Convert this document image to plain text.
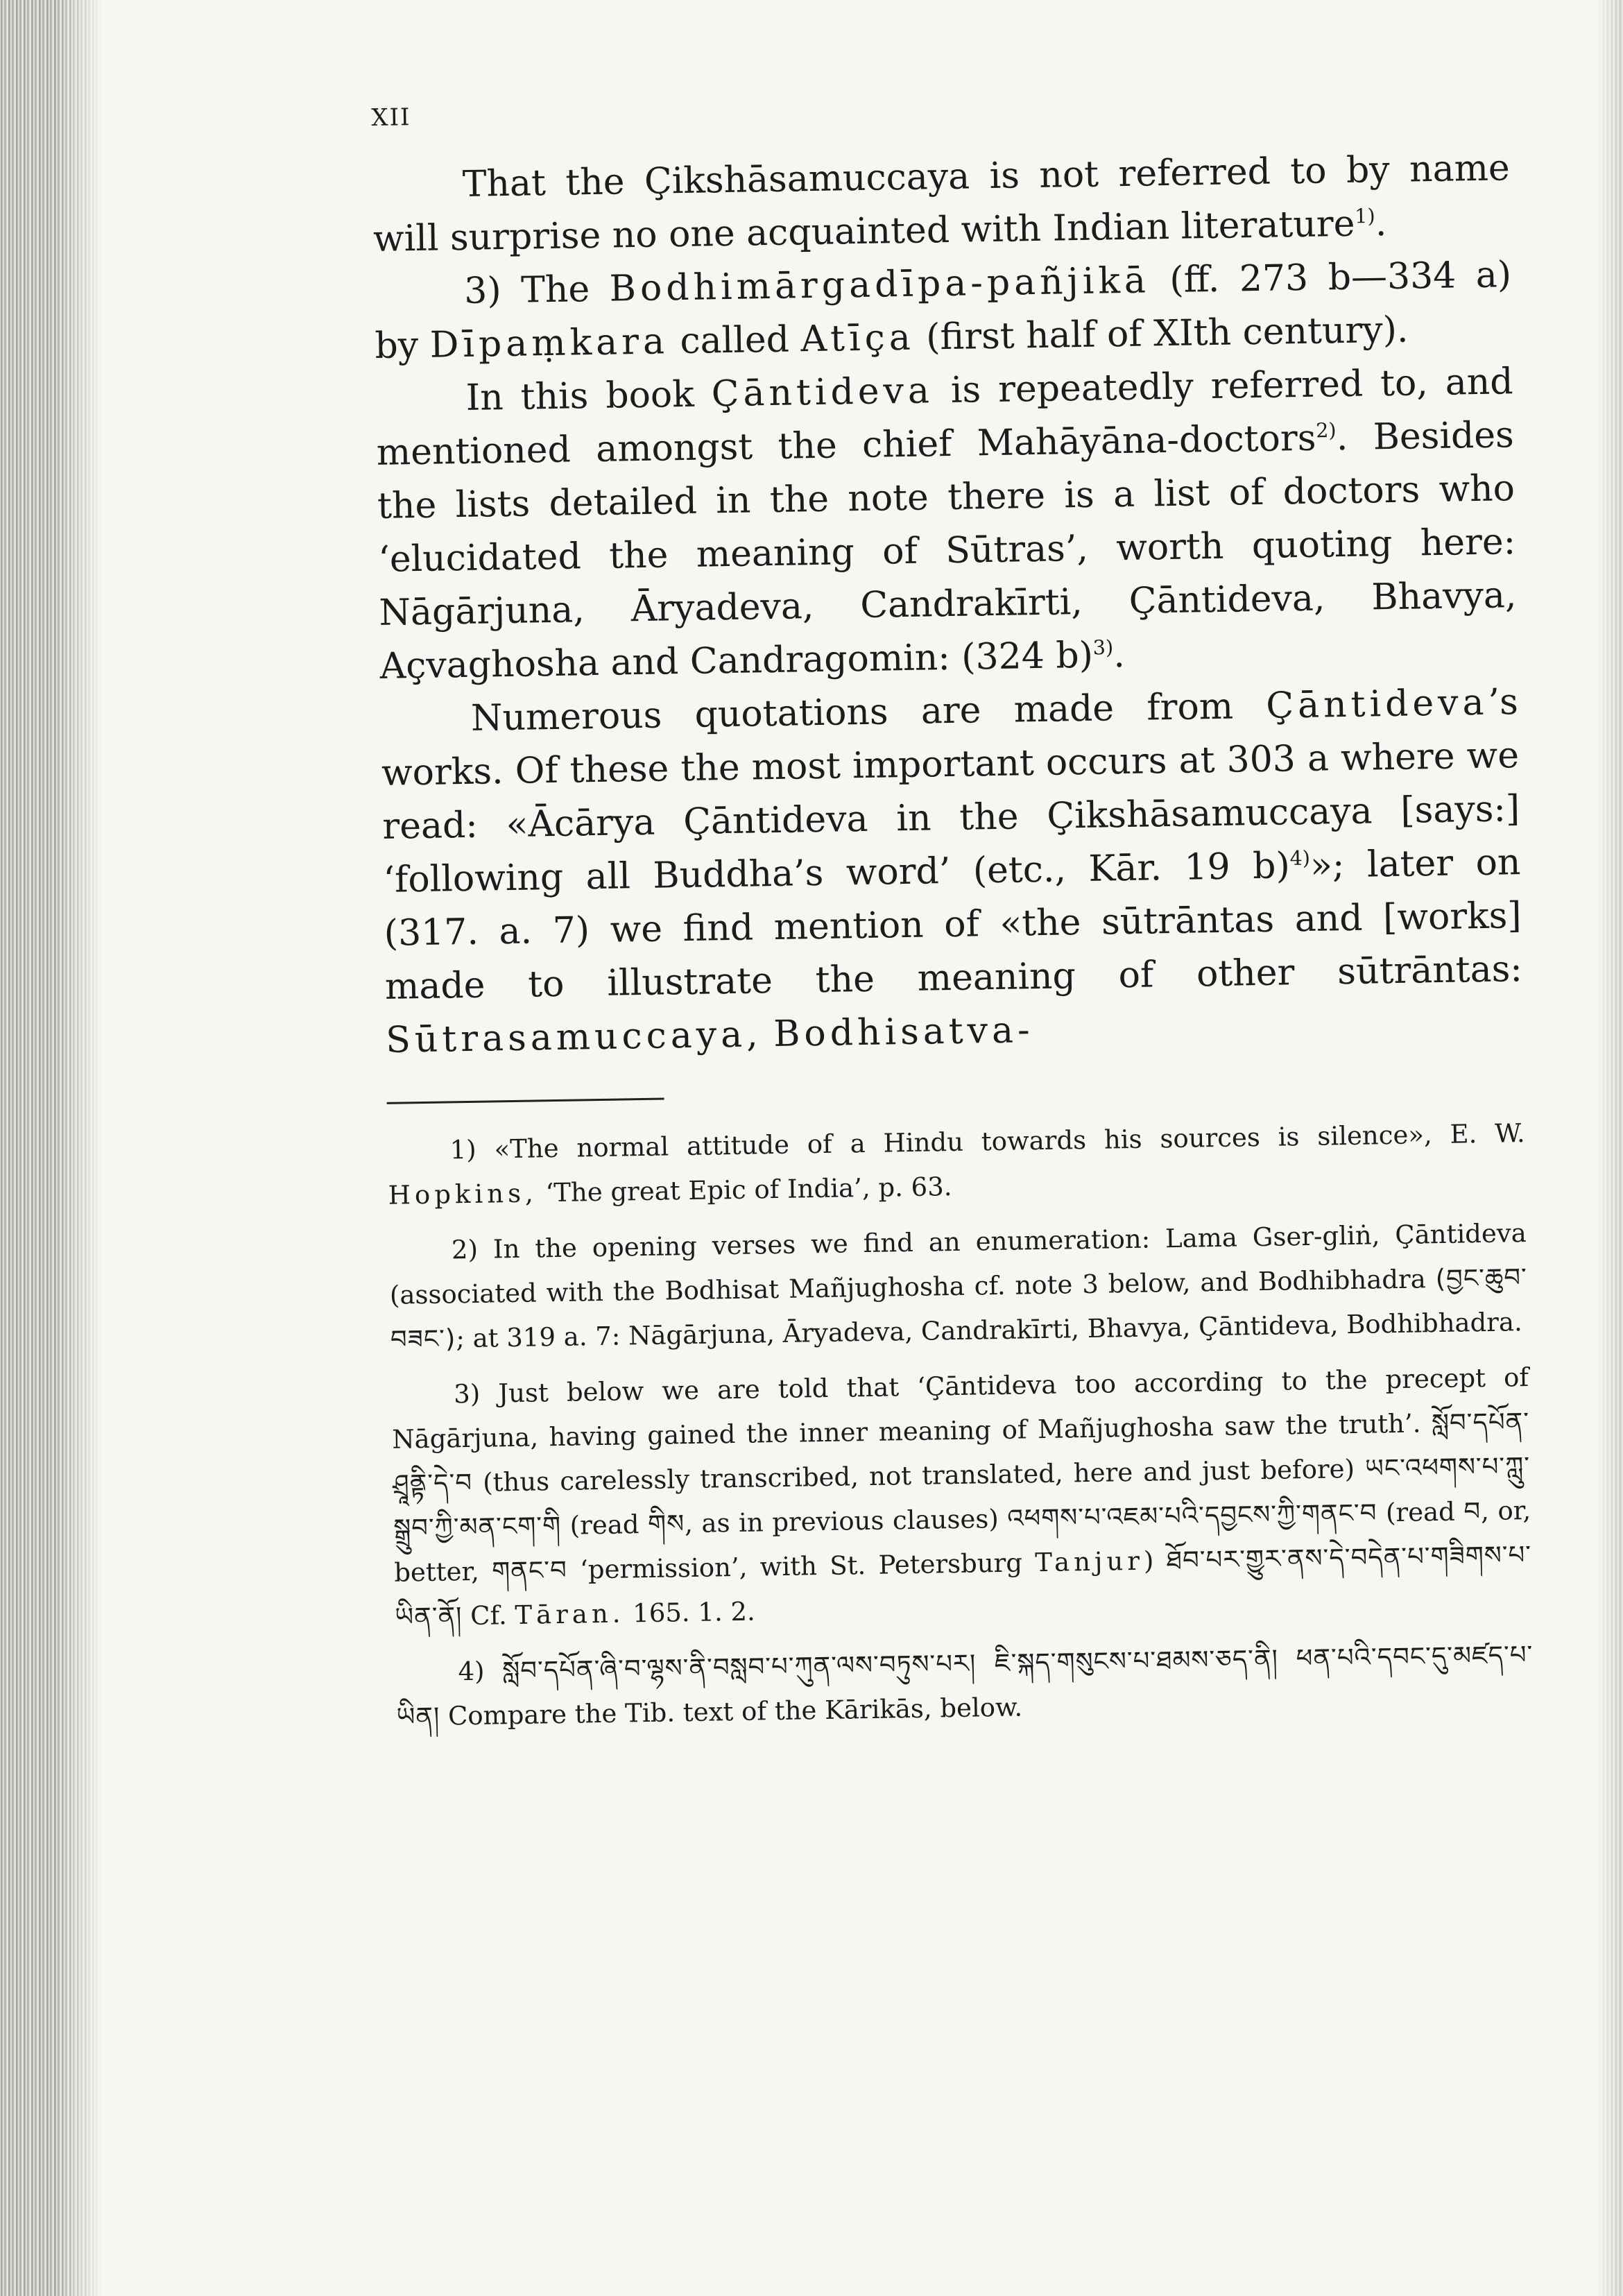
XII

That the Çikshāsamuccaya is not referred to by name will surprise no one acquainted with Indian literature$^{1)}$.

3) The Bodhimārgadīpa-pañjikā (ff. 273 b—334 a) by Dīpaṃkara called Atīça (first half of XIth century).

In this book Çāntideva is repeatedly referred to, and mentioned amongst the chief Mahāyāna-doctors$^{2)}$. Besides the lists detailed in the note there is a list of doctors who ‘elucidated the meaning of Sūtras’, worth quoting here: Nāgārjuna, Āryadeva, Candrakīrti, Çāntideva, Bhavya, Açvaghosha and Candragomin: (324 b)$^{3)}$.

Numerous quotations are made from Çāntideva’s works. Of these the most important occurs at 303 a where we read: «Ācārya Çāntideva in the Çikshāsamuccaya [says:] ‘following all Buddha’s word’ (etc., Kār. 19 b)$^{4)}$»; later on (317. a. 7) we find mention of «the sūtrāntas and [works] made to illustrate the meaning of other sūtrāntas: Sūtrasamuccaya, Bodhisatva-

1) «The normal attitude of a Hindu towards his sources is silence», E. W. Hopkins, ‘The great Epic of India’, p. 63.

2) In the opening verses we find an enumeration: Lama Gser-gliṅ, Çāntideva (associated with the Bodhisat Mañjughosha cf. note 3 below, and Bodhibhadra (བྱང་ཆུབ་བཟང་); at 319 a. 7: Nāgārjuna, Āryadeva, Candrakīrti, Bhavya, Çāntideva, Bodhibhadra.

3) Just below we are told that ‘Çāntideva too according to the precept of Nāgārjuna, having gained the inner meaning of Mañjughosha saw the truth’. སློབ་དཔོན་ཤྲཱནྟི་དེ་བ (thus carelessly transcribed, not translated, here and just before) ཡང་འཕགས་པ་ཀླུ་སྒྲུབ་ཀྱི་མན་ངག་གི (read གིས, as in previous clauses) འཕགས་པ་འཇམ་པའི་དབྱངས་ཀྱི་གནང་བ (read བ, or, better, གནང་བ ‘permission’, with St. Petersburg Tanjur) ཐོབ་པར་གྱུར་ནས་དེ་བདེན་པ་གཟིགས་པ་ཡིན་ནོ། Cf. Tāran. 165. 1. 2.

4) སློབ་དཔོན་ཞི་བ་ལྷས་ནི་བསླབ་པ་ཀུན་ལས་བཏུས་པར། ཇི་སྐད་གསུངས་པ་ཐམས་ཅད་ནི། ཕན་པའི་དབང་དུ་མཛད་པ་ཡིན། Compare the Tib. text of the Kārikās, below.
